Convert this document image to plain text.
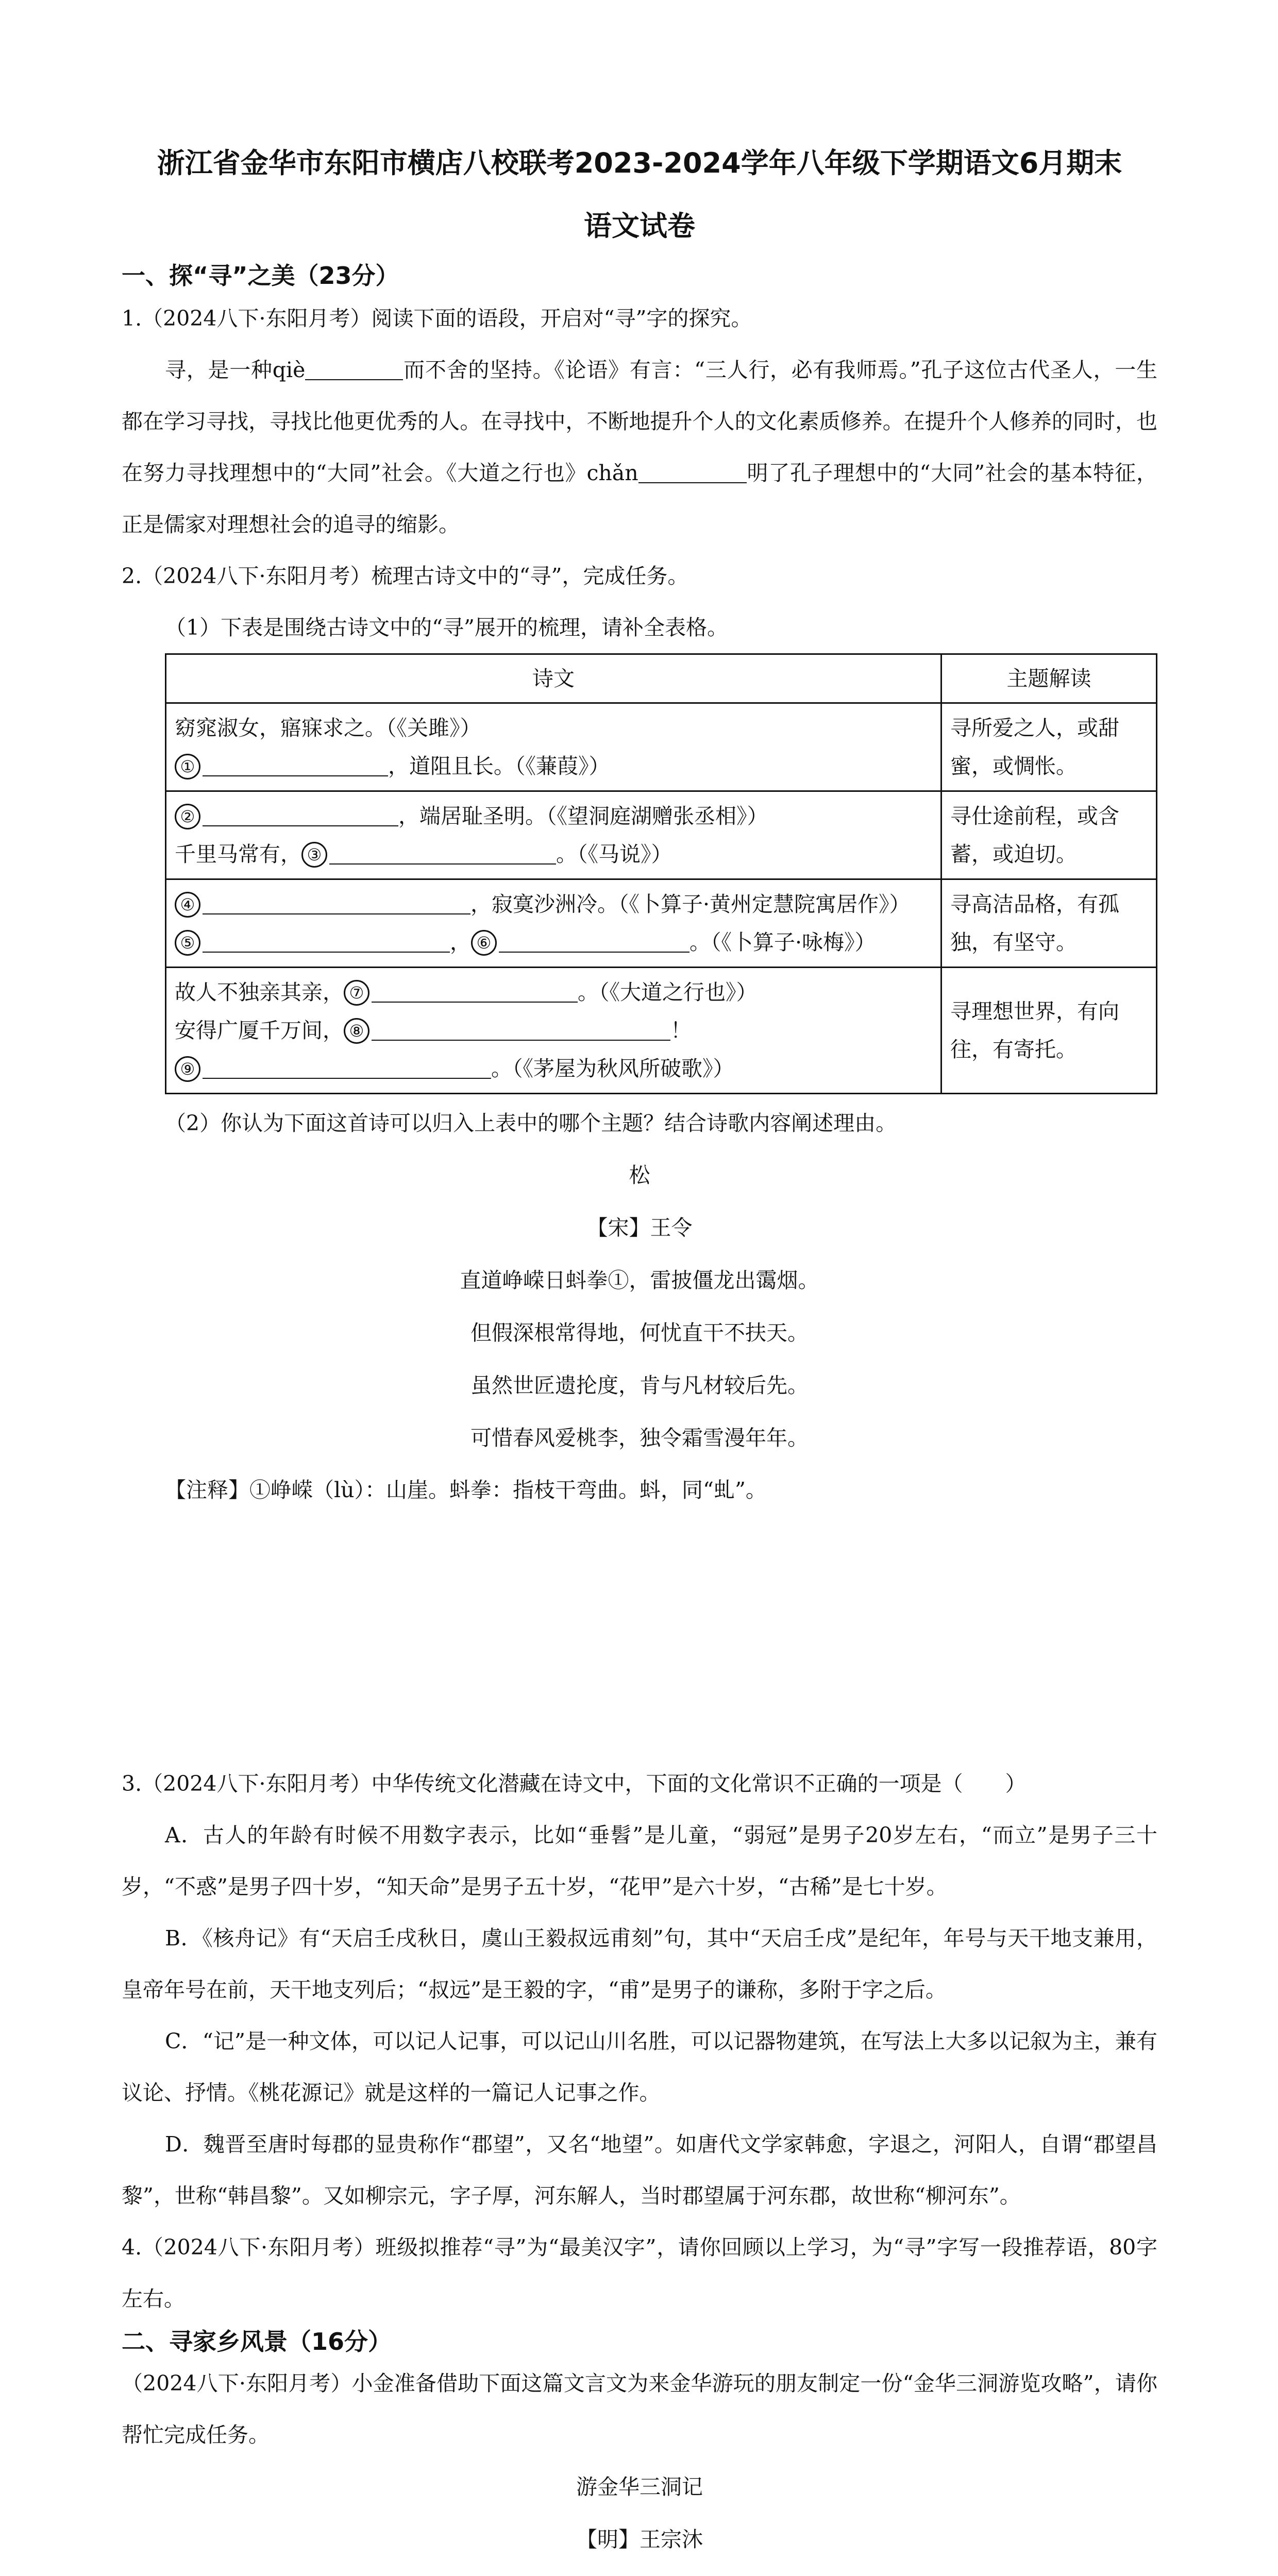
浙江省金华市东阳市横店八校联考2023-2024学年八年级下学期语文6月期末
语文试卷
一、探“寻”之美（23分）
1.（2024八下·东阳月考）阅读下面的语段，开启对“寻”字的探究。
寻，是一种qiè	而不舍的坚持。《论语》有言：“三人行，必有我师焉。”孔子这位古代圣人，一生都在学习寻找，寻找比他更优秀的人。在寻找中，不断地提升个人的文化素质修养。在提升个人修养的同时，也在努力寻找理想中的“大同”社会。《大道之行也》chǎn	明了孔子理想中的“大同”社会的基本特征，正是儒家对理想社会的追寻的缩影。
2.（2024八下·东阳月考）梳理古诗文中的“寻”，完成任务。
（1）下表是围绕古诗文中的“寻”展开的梳理，请补全表格。
诗文	主题解读

窈窕淑女，寤寐求之。（《关雎》）
① ，道阻且长。（《蒹葭》）	寻所爱之人，或甜蜜，或惆怅。

② ，端居耻圣明。（《望洞庭湖赠张丞相》）
千里马常有， ③ 。（《马说》）	寻仕途前程，或含蓄，或迫切。

④ ，寂寞沙洲冷。（《卜算子·黄州定慧院寓居作》）
⑤ ， ⑥ 。（《卜算子·咏梅》）	寻高洁品格，有孤独，有坚守。

故人不独亲其亲， ⑦ 。（《大道之行也》）
安得广厦千万间， ⑧ ！
⑨ 。（《茅屋为秋风所破歌》）	寻理想世界，有向往，有寄托。
（2）你认为下面这首诗可以归入上表中的哪个主题？结合诗歌内容阐述理由。
松
【宋】王令
直道峥嵘日蚪拳①，雷披僵龙出霭烟。
但假深根常得地，何忧直干不扶天。
虽然世匠遗抡度，肯与凡材较后先。
可惜春风爱桃李，独令霜雪漫年年。
【注释】①峥嵘（lù）：山崖。蚪拳：指枝干弯曲。蚪，同“虬”。
3.（2024八下·东阳月考）中华传统文化潜藏在诗文中，下面的文化常识不正确的一项是（　　）
A．古人的年龄有时候不用数字表示，比如“垂髫”是儿童，“弱冠”是男子20岁左右，“而立”是男子三十岁，“不惑”是男子四十岁，“知天命”是男子五十岁，“花甲”是六十岁，“古稀”是七十岁。
B．《核舟记》有“天启壬戌秋日，虞山王毅叔远甫刻”句，其中“天启壬戌”是纪年，年号与天干地支兼用，皇帝年号在前，天干地支列后；“叔远”是王毅的字，“甫”是男子的谦称，多附于字之后。
C．“记”是一种文体，可以记人记事，可以记山川名胜，可以记器物建筑，在写法上大多以记叙为主，兼有议论、抒情。《桃花源记》就是这样的一篇记人记事之作。
D．魏晋至唐时每郡的显贵称作“郡望”，又名“地望”。如唐代文学家韩愈，字退之，河阳人，自谓“郡望昌黎”，世称“韩昌黎”。又如柳宗元，字子厚，河东解人，当时郡望属于河东郡，故世称“柳河东”。
4.（2024八下·东阳月考）班级拟推荐“寻”为“最美汉字”，请你回顾以上学习，为“寻”字写一段推荐语，80字左右。
二、寻家乡风景（16分）
（2024八下·东阳月考）小金准备借助下面这篇文言文为来金华游玩的朋友制定一份“金华三洞游览攻略”，请你帮忙完成任务。
游金华三洞记
【明】王宗沐
